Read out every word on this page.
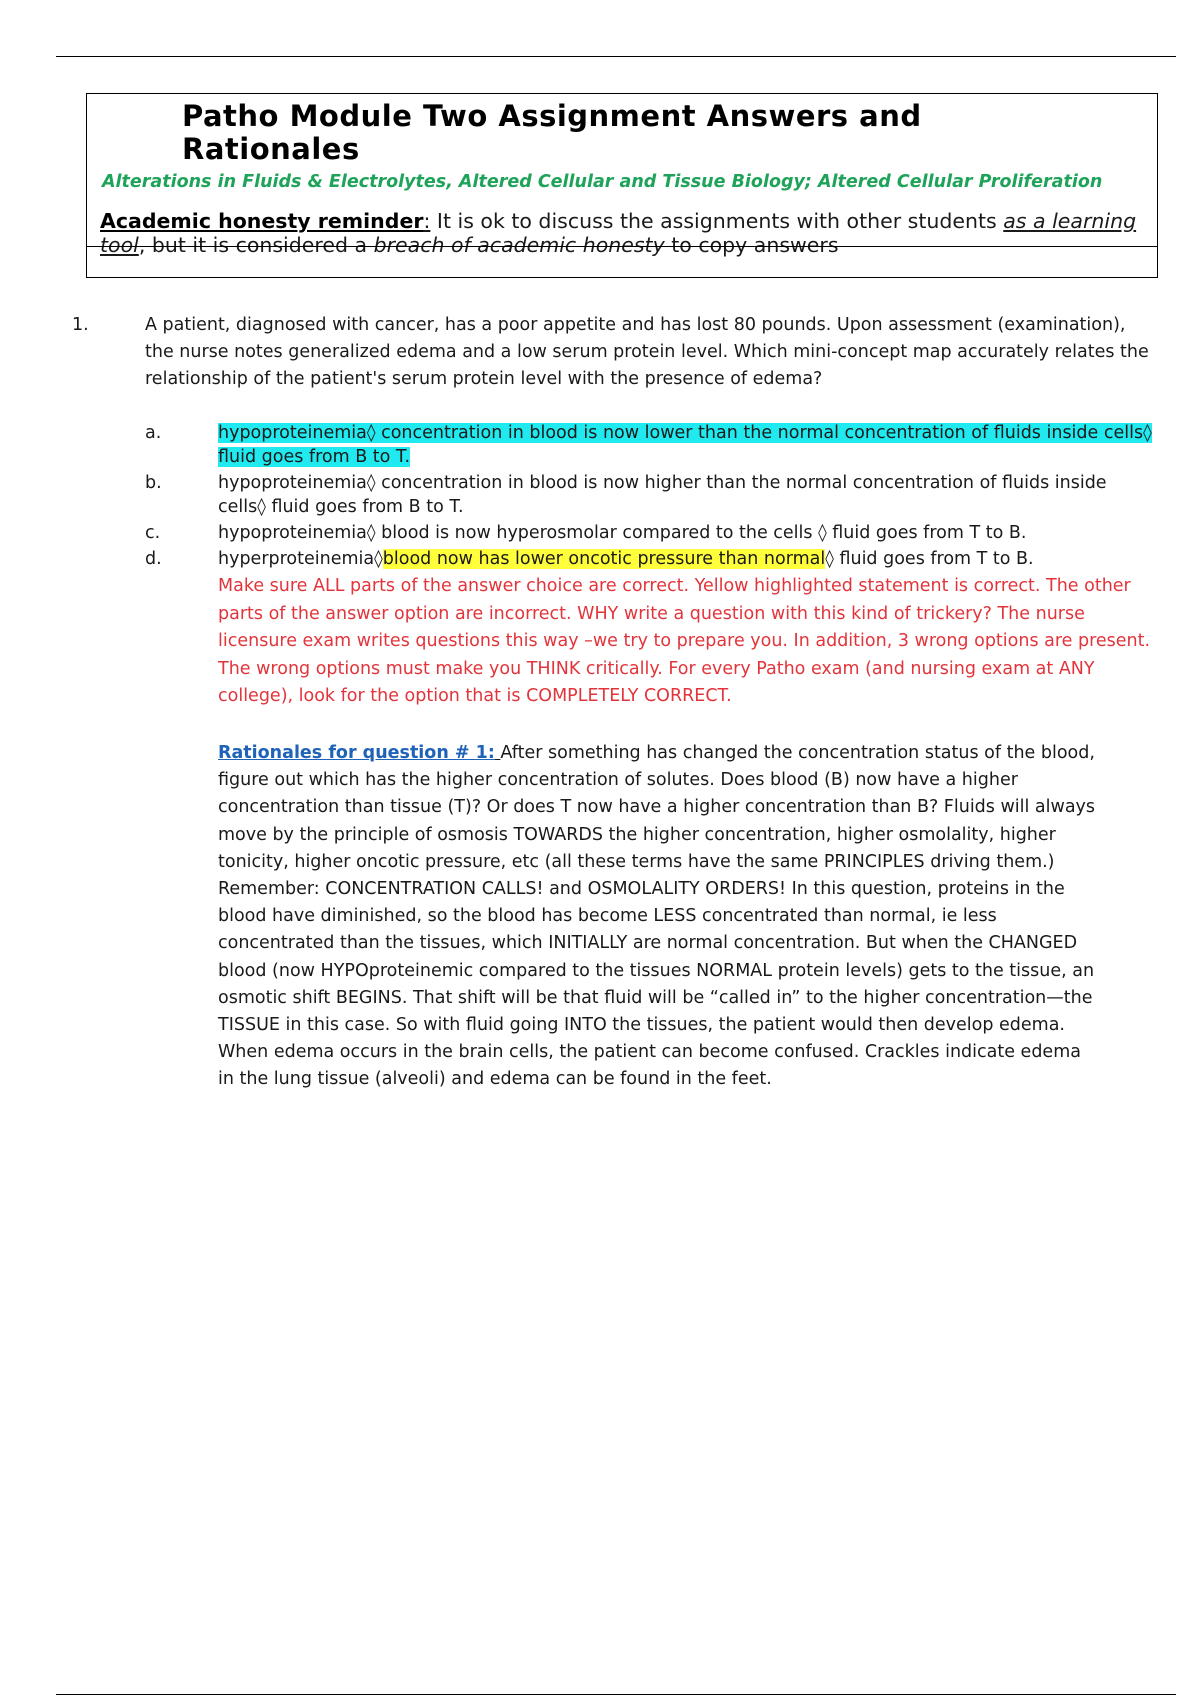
Patho Module Two Assignment Answers and
Rationales
Alterations in Fluids & Electrolytes, Altered Cellular and Tissue Biology; Altered Cellular Proliferation
Academic honesty reminder: It is ok to discuss the assignments with other students as a learning tool, but it is considered a breach of academic honesty to copy answers
1.	A patient, diagnosed with cancer, has a poor appetite and has lost 80 pounds. Upon assessment (examination), the nurse notes generalized edema and a low serum protein level. Which mini-concept map accurately relates the relationship of the patient's serum protein level with the presence of edema?
a.	hypoproteinemia◊ concentration in blood is now lower than the normal concentration of fluids inside cells◊ fluid goes from B to T.
b.	hypoproteinemia◊ concentration in blood is now higher than the normal concentration of fluids inside cells◊ fluid goes from B to T.
c.	hypoproteinemia◊ blood is now hyperosmolar compared to the cells ◊ fluid goes from T to B.
d.	hyperproteinemia◊blood now has lower oncotic pressure than normal◊ fluid goes from T to B.
Make sure ALL parts of the answer choice are correct. Yellow highlighted statement is correct. The other parts of the answer option are incorrect. WHY write a question with this kind of trickery? The nurse licensure exam writes questions this way –we try to prepare you. In addition, 3 wrong options are present. The wrong options must make you THINK critically. For every Patho exam (and nursing exam at ANY college), look for the option that is COMPLETELY CORRECT.
Rationales for question # 1: After something has changed the concentration status of the blood, figure out which has the higher concentration of solutes. Does blood (B) now have a higher concentration than tissue (T)? Or does T now have a higher concentration than B? Fluids will always move by the principle of osmosis TOWARDS the higher concentration, higher osmolality, higher tonicity, higher oncotic pressure, etc (all these terms have the same PRINCIPLES driving them.) Remember: CONCENTRATION CALLS! and OSMOLALITY ORDERS! In this question, proteins in the blood have diminished, so the blood has become LESS concentrated than normal, ie less concentrated than the tissues, which INITIALLY are normal concentration. But when the CHANGED blood (now HYPOproteinemic compared to the tissues NORMAL protein levels) gets to the tissue, an osmotic shift BEGINS. That shift will be that fluid will be “called in” to the higher concentration—the TISSUE in this case. So with fluid going INTO the tissues, the patient would then develop edema. When edema occurs in the brain cells, the patient can become confused. Crackles indicate edema in the lung tissue (alveoli) and edema can be found in the feet.
